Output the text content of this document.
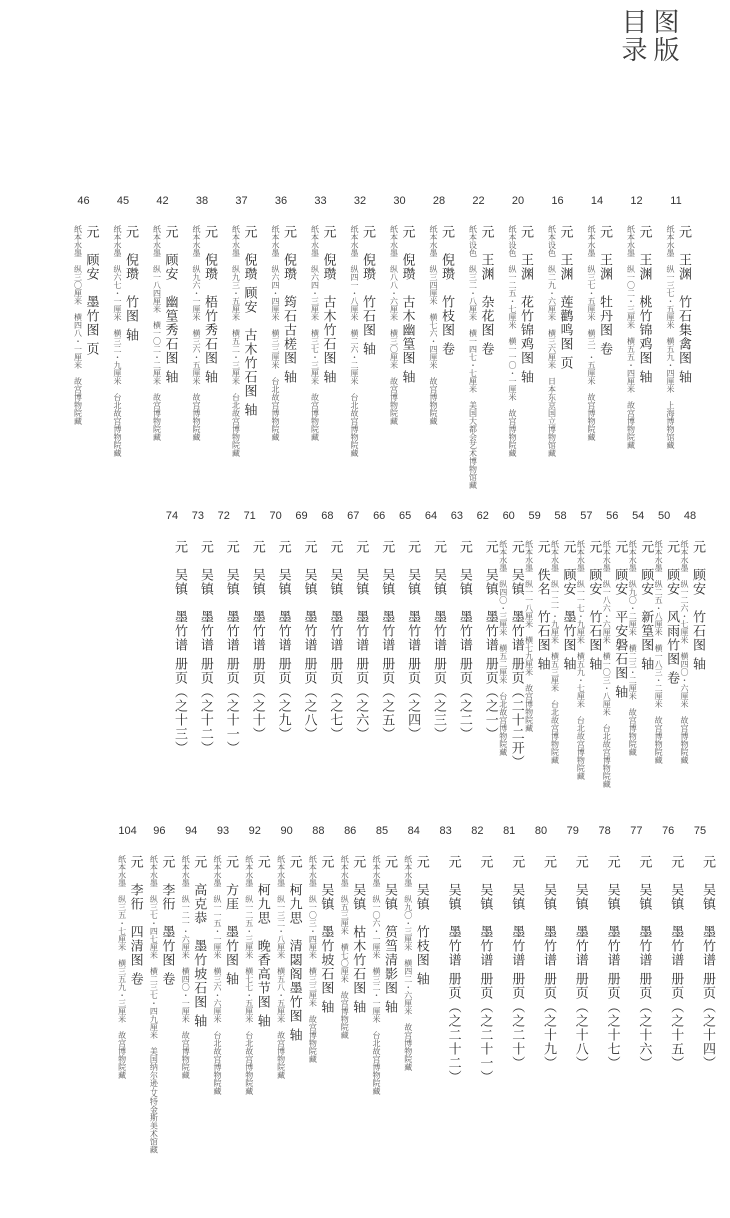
图版
目录
11
元　王渊　竹石集禽图 轴
纸本水墨　纵一三七・五厘米　横五九・四厘米　上海博物馆藏
12
元　王渊　桃竹锦鸡图 轴
纸本水墨　纵一〇二・三厘米　横五五・四厘米　故宫博物院藏
14
元　王渊　牡丹图 卷
纸本水墨　纵三七・五厘米　横三一・五厘米　故宫博物院藏
16
元　王渊　莲鹳鸣图 页
纸本设色　纵二九・六厘米　横三六厘米　日本东京国立博物馆藏
20
元　王渊　花竹锦鸡图 轴
纸本设色　纵一二五・七厘米　横一一〇・一厘米　故宫博物院藏
22
元　王渊　杂花图 卷
纸本设色　纵三二・八厘米　横一四七・七厘米　美国大都会艺术博物馆藏
28
元　倪瓒　竹枝图 卷
纸本水墨　纵三四厘米　横七六・四厘米　故宫博物院藏
30
元　倪瓒　古木幽篁图 轴
纸本水墨　纵八八・六厘米　横三〇厘米　故宫博物院藏
32
元　倪瓒　竹石图 轴
纸本水墨　纵四一・八厘米　横二六・二厘米　台北故宫博物院藏
33
元　倪瓒　古木竹石图 轴
纸本水墨　纵六四・三厘米　横三七・三厘米　故宫博物院藏
36
元　倪瓒　筠石古槎图 轴
纸本水墨　纵六四・四厘米　横三三厘米　台北故宫博物院藏
37
元　倪瓒 顾安　古木竹石图 轴
纸本水墨　纵九三・五厘米　横五二・三厘米　台北故宫博物院藏
38
元　倪瓒　梧竹秀石图 轴
纸本水墨　纵九六・一厘米　横三六・五厘米　故宫博物院藏
42
元　顾安　幽篁秀石图 轴
纸本水墨　纵一八四厘米　横一〇二・二厘米　故宫博物院藏
45
元　倪瓒　竹图 轴
纸本水墨　纵六七・一厘米　横三二・九厘米　台北故宫博物院藏
46
元　顾安　墨竹图 页
纸本水墨　纵三〇厘米　横四八・一厘米　故宫博物院藏
48
元　顾安　竹石图 轴
纸本水墨　纵一二六・七厘米　横四〇・六厘米　故宫博物院藏
50
元　顾安　风雨竹图 卷
纸本水墨　纵二五・八厘米　横一八三・二厘米　故宫博物院藏
54
元　顾安　新篁图 轴
纸本水墨　纵九〇・二厘米　横二三・二厘米　故宫博物院藏
56
元　顾安　平安磐石图 轴
纸本水墨　纵一八六・六厘米　横一〇三・八厘米　台北故宫博物院藏
57
元　顾安　竹石图 轴
纸本水墨　纵一一七・九厘米　横五九・七厘米　台北故宫博物院藏
58
元　顾安　墨竹图 轴
纸本水墨　纵一二一・九厘米　横五三厘米　台北故宫博物院藏
59
元　佚名　竹石图 轴
纸本水墨　纵一一八厘米　横七九厘米　故宫博物院藏
60
元　吴镇　墨竹谱 册页（二十二开）
纸本水墨　纵四〇・三厘米　横五二厘米　台北故宫博物院藏
62
元　吴镇　墨竹谱 册页（之一）
63
元　吴镇　墨竹谱 册页（之二）
64
元　吴镇　墨竹谱 册页（之三）
65
元　吴镇　墨竹谱 册页（之四）
66
元　吴镇　墨竹谱 册页（之五）
67
元　吴镇　墨竹谱 册页（之六）
68
元　吴镇　墨竹谱 册页（之七）
69
元　吴镇　墨竹谱 册页（之八）
70
元　吴镇　墨竹谱 册页（之九）
71
元　吴镇　墨竹谱 册页（之十）
72
元　吴镇　墨竹谱 册页（之十一）
73
元　吴镇　墨竹谱 册页（之十二）
74
元　吴镇　墨竹谱 册页（之十三）
75
元　吴镇　墨竹谱 册页（之十四）
76
元　吴镇　墨竹谱 册页（之十五）
77
元　吴镇　墨竹谱 册页（之十六）
78
元　吴镇　墨竹谱 册页（之十七）
79
元　吴镇　墨竹谱 册页（之十八）
80
元　吴镇　墨竹谱 册页（之十九）
81
元　吴镇　墨竹谱 册页（之二十）
82
元　吴镇　墨竹谱 册页（之二十一）
83
元　吴镇　墨竹谱 册页（之二十二）
84
元　吴镇　竹枝图 轴
纸本水墨　纵九〇・三厘米　横四二・六厘米　故宫博物院藏
85
元　吴镇　筼筜清影图 轴
纸本水墨　纵一〇六・一厘米　横三二・一厘米　台北故宫博物院藏
86
元　吴镇　枯木竹石图 轴
纸本水墨　纵五三厘米　横七〇厘米　故宫博物院藏
88
元　吴镇　墨竹坡石图 轴
纸本水墨　纵一〇三・四厘米　横三三厘米　故宫博物院藏
90
元　柯九思　清閟阁墨竹图 轴
纸本水墨　纵一三二・八厘米　横五八・五厘米　故宫博物院藏
92
元　柯九思　晚香高节图 轴
纸本水墨　纵一二五・三厘米　横七七・五厘米　台北故宫博物院藏
93
元　方厓　墨竹图 轴
纸本水墨　纵一一五・一厘米　横三六・六厘米　台北故宫博物院藏
94
元　高克恭　墨竹坡石图 轴
纸本水墨　纵一二一・六厘米　横四〇・一厘米　故宫博物院藏
96
元　李衎　墨竹图 卷
纸本水墨　纵三七・四七厘米　横二三七・四九厘米　美国纳尔逊-艾特金斯美术馆藏
104
元　李衎　四清图 卷
纸本水墨　纵三五・七厘米　横三五九・三厘米　故宫博物院藏
